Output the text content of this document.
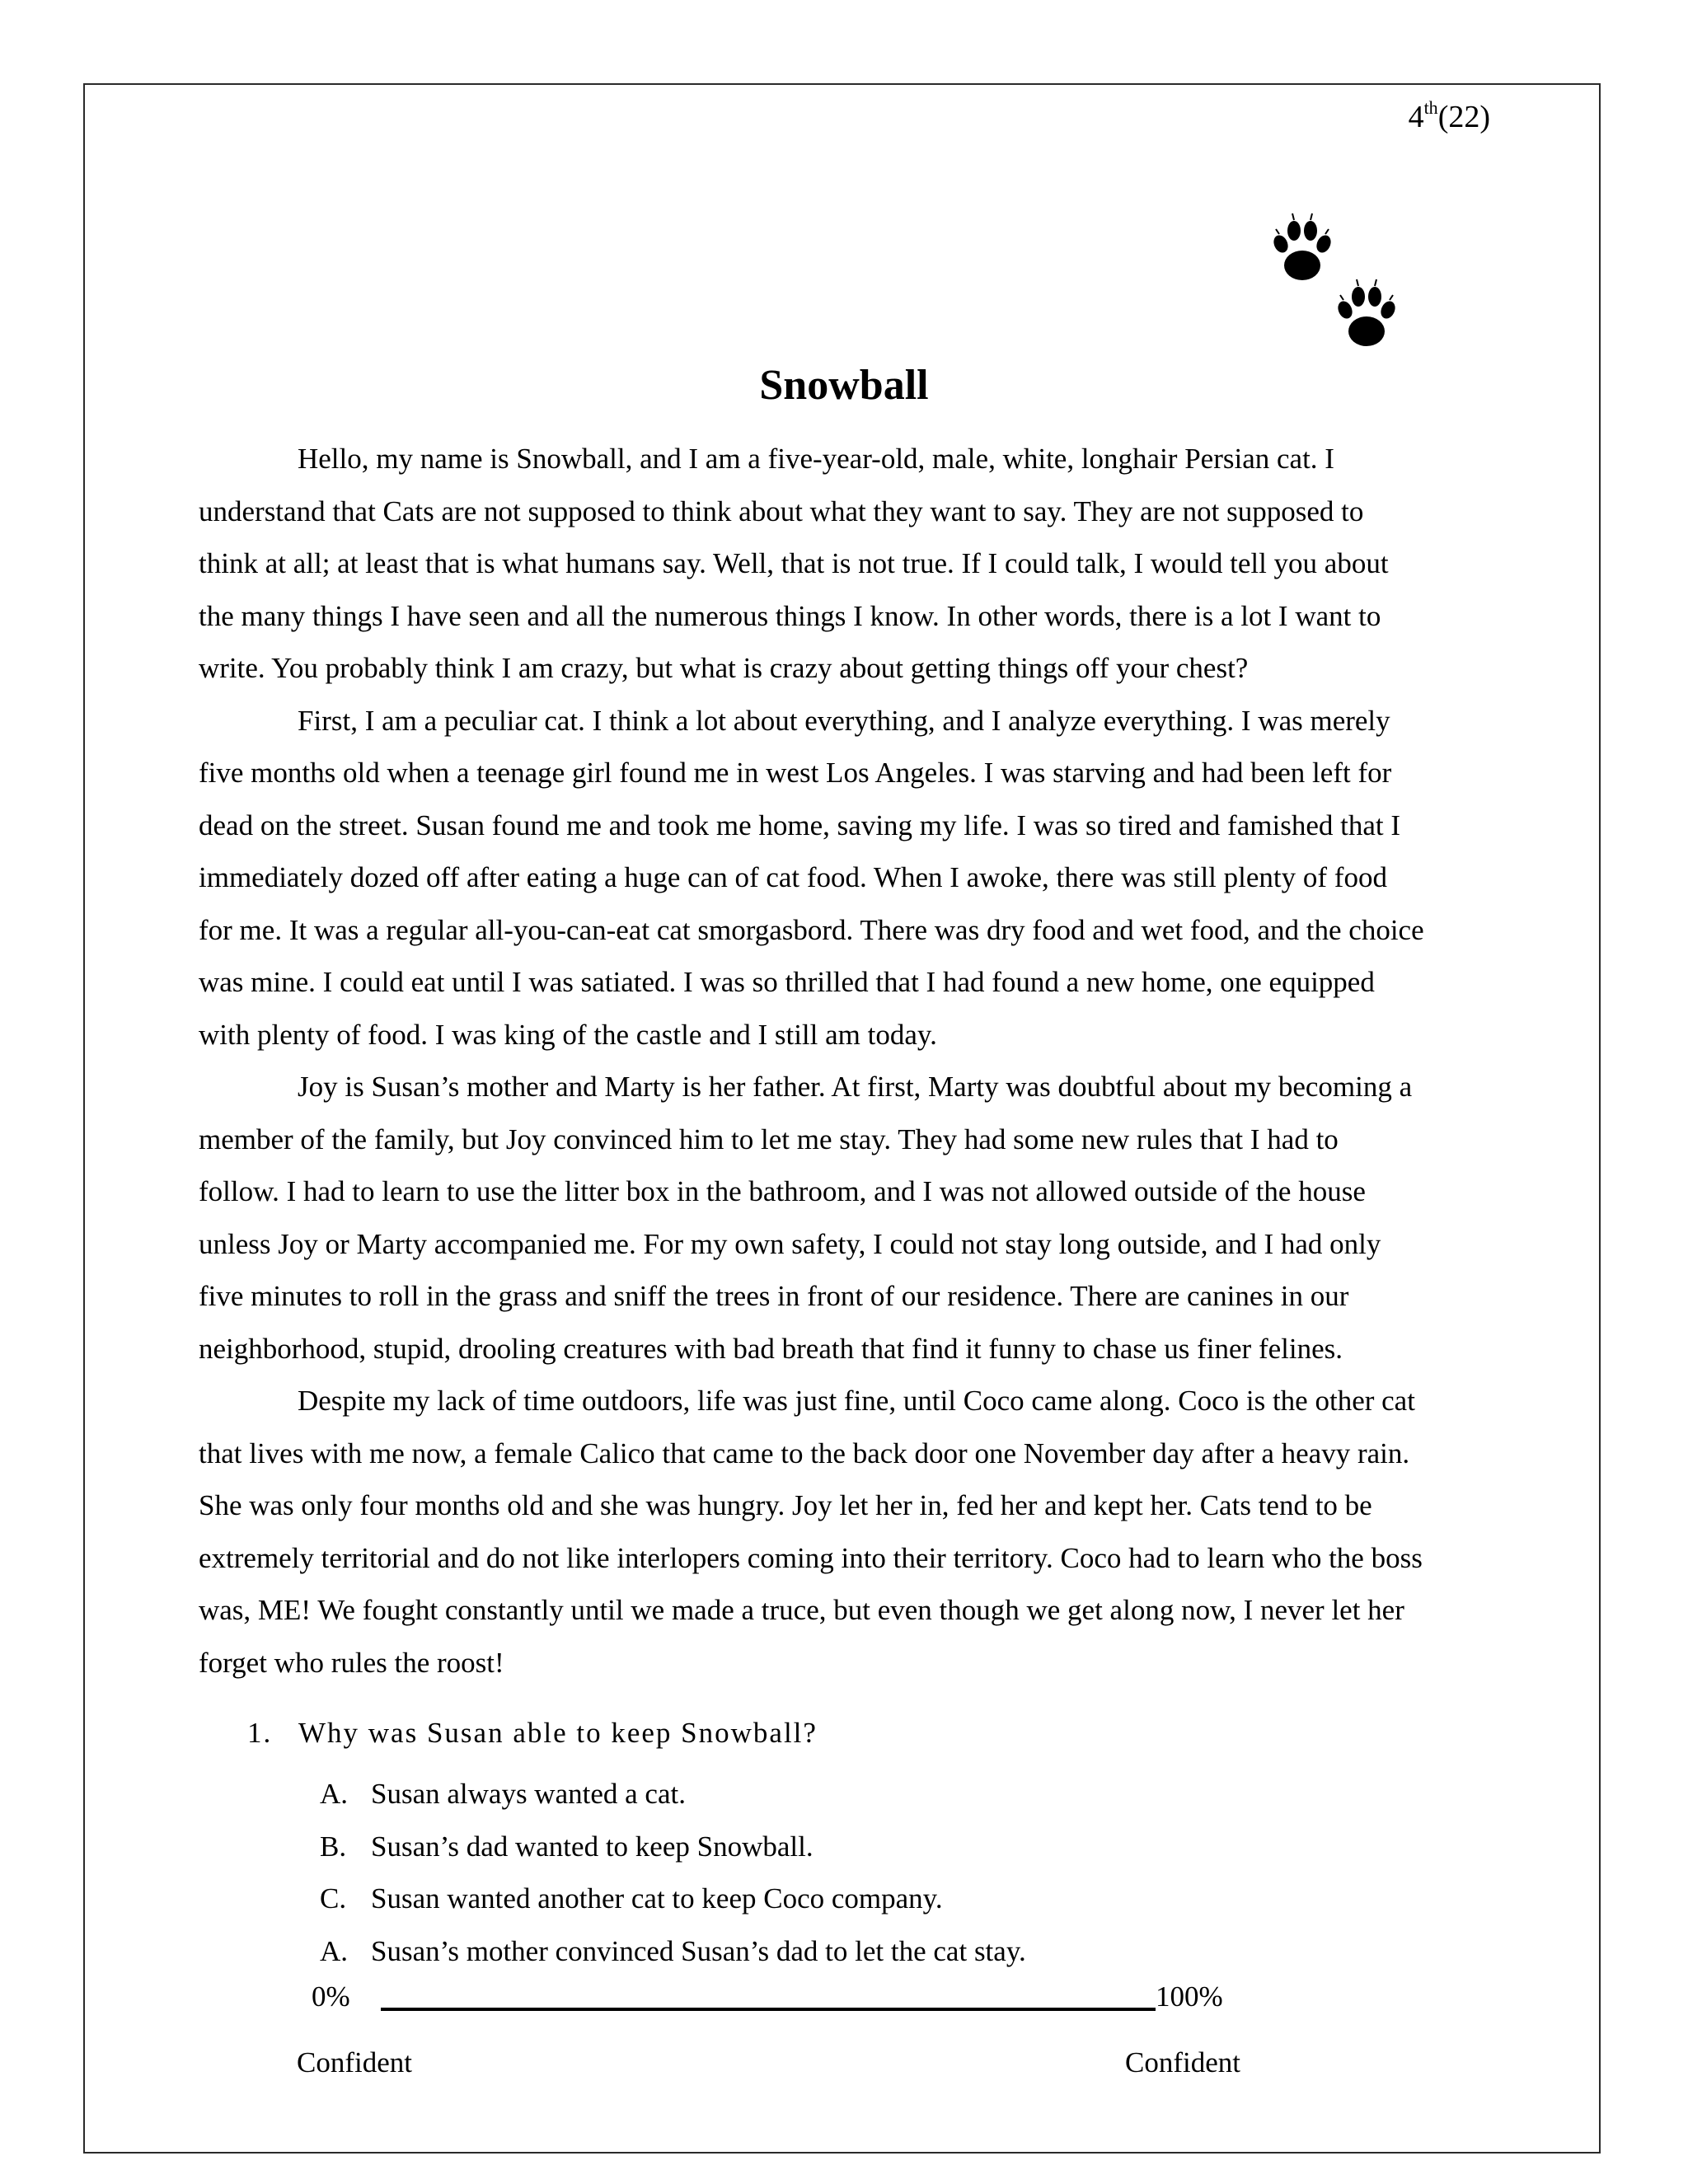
4th(22)
Snowball

Hello, my name is Snowball, and I am a five-year-old, male, white, longhair Persian cat. I
understand that Cats are not supposed to think about what they want to say. They are not supposed to
think at all; at least that is what humans say. Well, that is not true. If I could talk, I would tell you about
the many things I have seen and all the numerous things I know. In other words, there is a lot I want to
write. You probably think I am crazy, but what is crazy about getting things off your chest?

First, I am a peculiar cat. I think a lot about everything, and I analyze everything. I was merely
five months old when a teenage girl found me in west Los Angeles. I was starving and had been left for
dead on the street. Susan found me and took me home, saving my life. I was so tired and famished that I
immediately dozed off after eating a huge can of cat food. When I awoke, there was still plenty of food
for me. It was a regular all-you-can-eat cat smorgasbord. There was dry food and wet food, and the choice
was mine. I could eat until I was satiated. I was so thrilled that I had found a new home, one equipped
with plenty of food. I was king of the castle and I still am today.

Joy is Susan’s mother and Marty is her father. At first, Marty was doubtful about my becoming a
member of the family, but Joy convinced him to let me stay. They had some new rules that I had to
follow. I had to learn to use the litter box in the bathroom, and I was not allowed outside of the house
unless Joy or Marty accompanied me. For my own safety, I could not stay long outside, and I had only
five minutes to roll in the grass and sniff the trees in front of our residence. There are canines in our
neighborhood, stupid, drooling creatures with bad breath that find it funny to chase us finer felines.

Despite my lack of time outdoors, life was just fine, until Coco came along. Coco is the other cat
that lives with me now, a female Calico that came to the back door one November day after a heavy rain.
She was only four months old and she was hungry. Joy let her in, fed her and kept her. Cats tend to be
extremely territorial and do not like interlopers coming into their territory. Coco had to learn who the boss
was, ME! We fought constantly until we made a truce, but even though we get along now, I never let her
forget who rules the roost!

1. Why was Susan able to keep Snowball?
A. Susan always wanted a cat.
B. Susan’s dad wanted to keep Snowball.
C. Susan wanted another cat to keep Coco company.
A. Susan’s mother convinced Susan’s dad to let the cat stay.
0%	100%
Confident	Confident
